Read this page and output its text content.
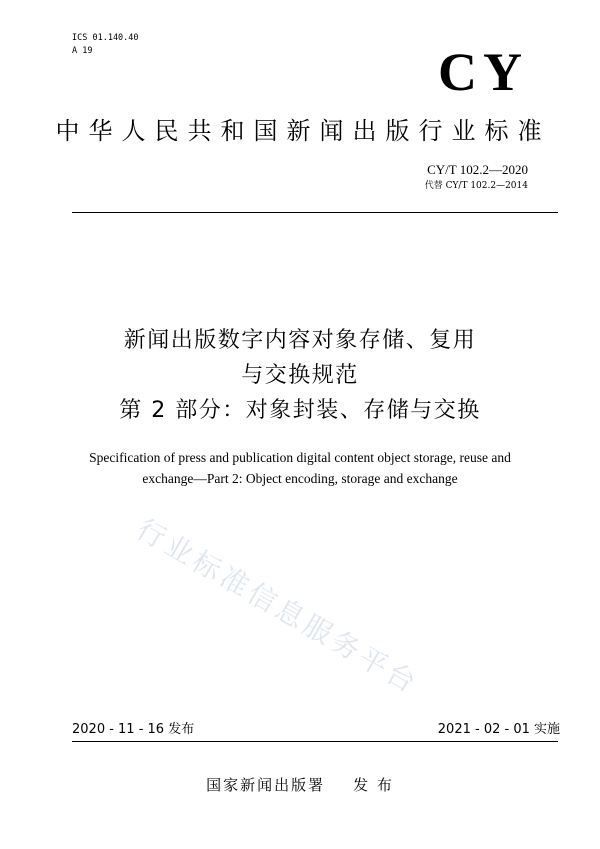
ICS 01.140.40
A 19	CY
中华人民共和国新闻出版行业标准
CY/T 102.2—2020
代替 CY/T 102.2—2014
新闻出版数字内容对象存储、复用
与交换规范
第 2 部分：对象封装、存储与交换
Specification of press and publication digital content object storage, reuse and
exchange—Part 2: Object encoding, storage and exchange
行业标准信息服务平台
2020 - 11 - 16 发布	2021 - 02 - 01 实施
国家新闻出版署 发 布
